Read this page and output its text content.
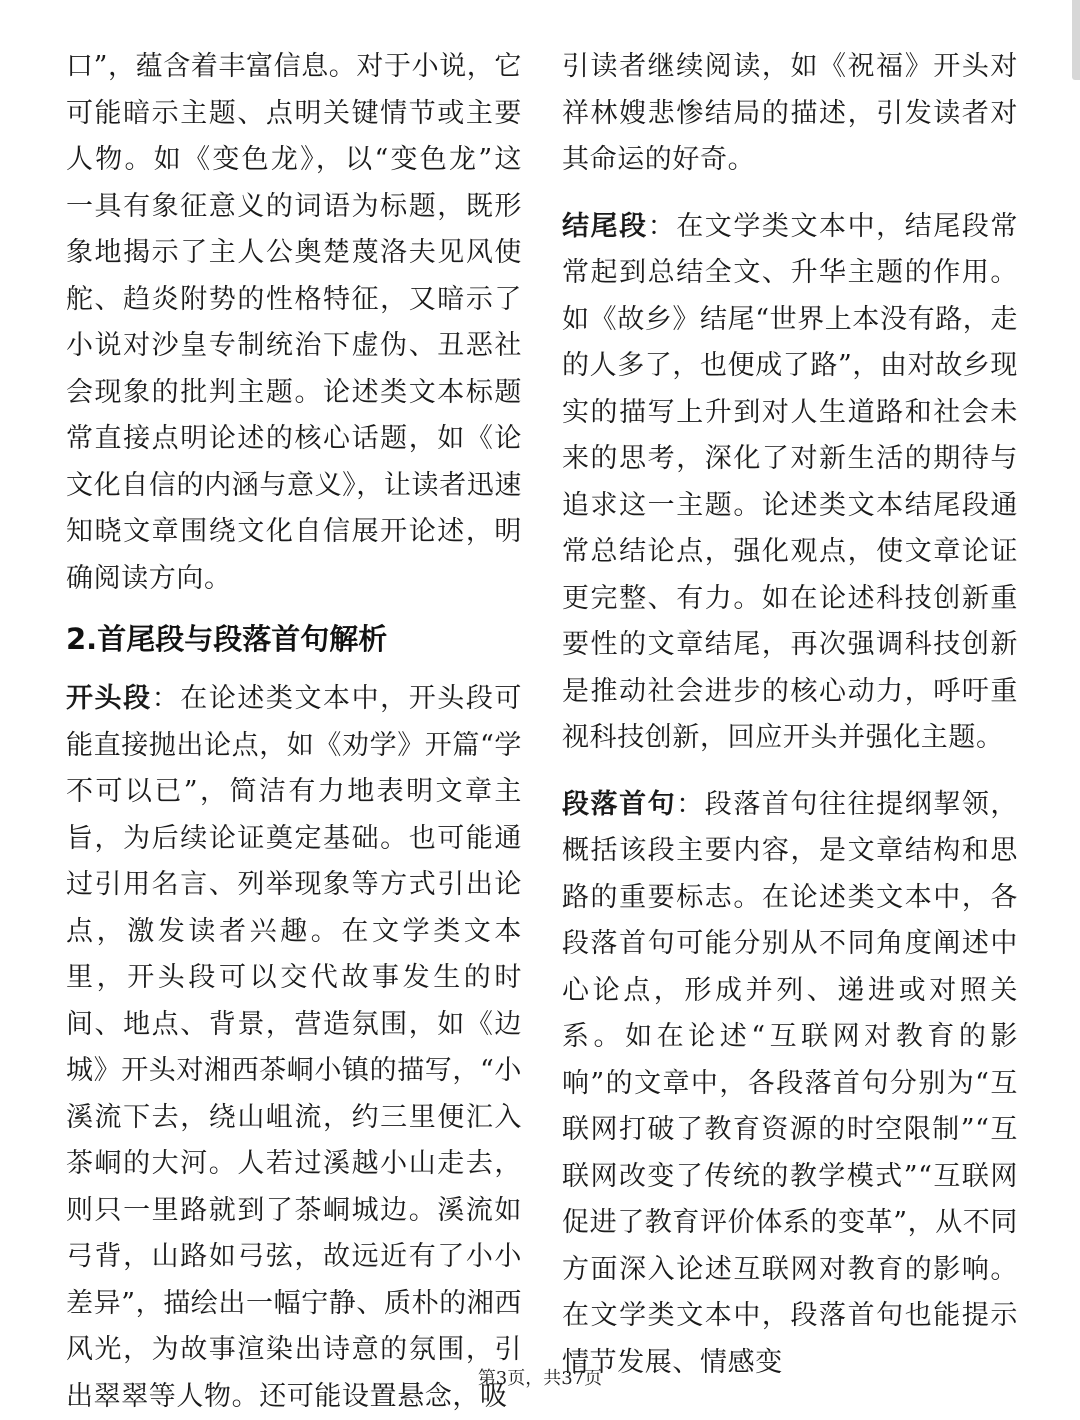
口”，蕴含着丰富信息。对于小说，它可能暗示主题、点明关键情节或主要人物。如《变色龙》，以“变色龙”这一具有象征意义的词语为标题，既形象地揭示了主人公奥楚蔑洛夫见风使舵、趋炎附势的性格特征，又暗示了小说对沙皇专制统治下虚伪、丑恶社会现象的批判主题。论述类文本标题常直接点明论述的核心话题，如《论文化自信的内涵与意义》，让读者迅速知晓文章围绕文化自信展开论述，明确阅读方向。

2.首尾段与段落首句解析

开头段：在论述类文本中，开头段可能直接抛出论点，如《劝学》开篇“学不可以已”，简洁有力地表明文章主旨，为后续论证奠定基础。也可能通过引用名言、列举现象等方式引出论点，激发读者兴趣。在文学类文本里，开头段可以交代故事发生的时间、地点、背景，营造氛围，如《边城》开头对湘西茶峒小镇的描写，“小溪流下去，绕山岨流，约三里便汇入茶峒的大河。人若过溪越小山走去，则只一里路就到了茶峒城边。溪流如弓背，山路如弓弦，故远近有了小小差异”，描绘出一幅宁静、质朴的湘西风光，为故事渲染出诗意的氛围，引出翠翠等人物。还可能设置悬念，吸

引读者继续阅读，如《祝福》开头对祥林嫂悲惨结局的描述，引发读者对其命运的好奇。

结尾段：在文学类文本中，结尾段常常起到总结全文、升华主题的作用。如《故乡》结尾“世界上本没有路，走的人多了，也便成了路”，由对故乡现实的描写上升到对人生道路和社会未来的思考，深化了对新生活的期待与追求这一主题。论述类文本结尾段通常总结论点，强化观点，使文章论证更完整、有力。如在论述科技创新重要性的文章结尾，再次强调科技创新是推动社会进步的核心动力，呼吁重视科技创新，回应开头并强化主题。

段落首句：段落首句往往提纲挈领，概括该段主要内容，是文章结构和思路的重要标志。在论述类文本中，各段落首句可能分别从不同角度阐述中心论点，形成并列、递进或对照关系。如在论述“互联网对教育的影响”的文章中，各段落首句分别为“互联网打破了教育资源的时空限制”“互联网改变了传统的教学模式”“互联网促进了教育评价体系的变革”，从不同方面深入论述互联网对教育的影响。在文学类文本中，段落首句也能提示情节发展、情感变

第3页，共37页
